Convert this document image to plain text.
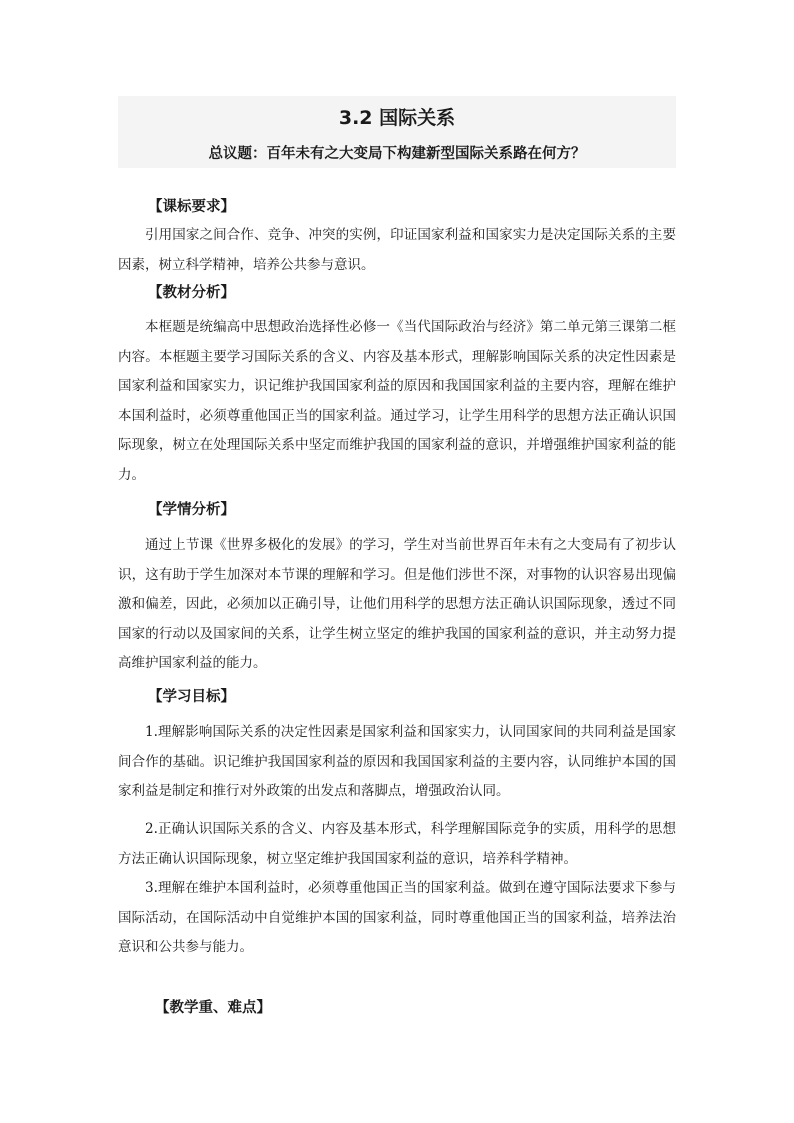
3.2 国际关系
总议题：百年未有之大变局下构建新型国际关系路在何方？
【课标要求】

引用国家之间合作、竞争、冲突的实例，印证国家利益和国家实力是决定国际关系的主要因素，树立科学精神，培养公共参与意识。

【教材分析】

本框题是统编高中思想政治选择性必修一《当代国际政治与经济》第二单元第三课第二框内容。本框题主要学习国际关系的含义、内容及基本形式，理解影响国际关系的决定性因素是国家利益和国家实力，识记维护我国国家利益的原因和我国国家利益的主要内容，理解在维护本国利益时，必须尊重他国正当的国家利益。通过学习，让学生用科学的思想方法正确认识国际现象，树立在处理国际关系中坚定而维护我国的国家利益的意识，并增强维护国家利益的能力。

【学情分析】

通过上节课《世界多极化的发展》的学习，学生对当前世界百年未有之大变局有了初步认识，这有助于学生加深对本节课的理解和学习。但是他们涉世不深，对事物的认识容易出现偏激和偏差，因此，必须加以正确引导，让他们用科学的思想方法正确认识国际现象，透过不同国家的行动以及国家间的关系，让学生树立坚定的维护我国的国家利益的意识，并主动努力提高维护国家利益的能力。

【学习目标】

1.理解影响国际关系的决定性因素是国家利益和国家实力，认同国家间的共同利益是国家间合作的基础。识记维护我国国家利益的原因和我国国家利益的主要内容，认同维护本国的国家利益是制定和推行对外政策的出发点和落脚点，增强政治认同。

2.正确认识国际关系的含义、内容及基本形式，科学理解国际竞争的实质，用科学的思想方法正确认识国际现象，树立坚定维护我国国家利益的意识，培养科学精神。

3.理解在维护本国利益时，必须尊重他国正当的国家利益。做到在遵守国际法要求下参与国际活动，在国际活动中自觉维护本国的国家利益，同时尊重他国正当的国家利益，培养法治意识和公共参与能力。

【教学重、难点】
